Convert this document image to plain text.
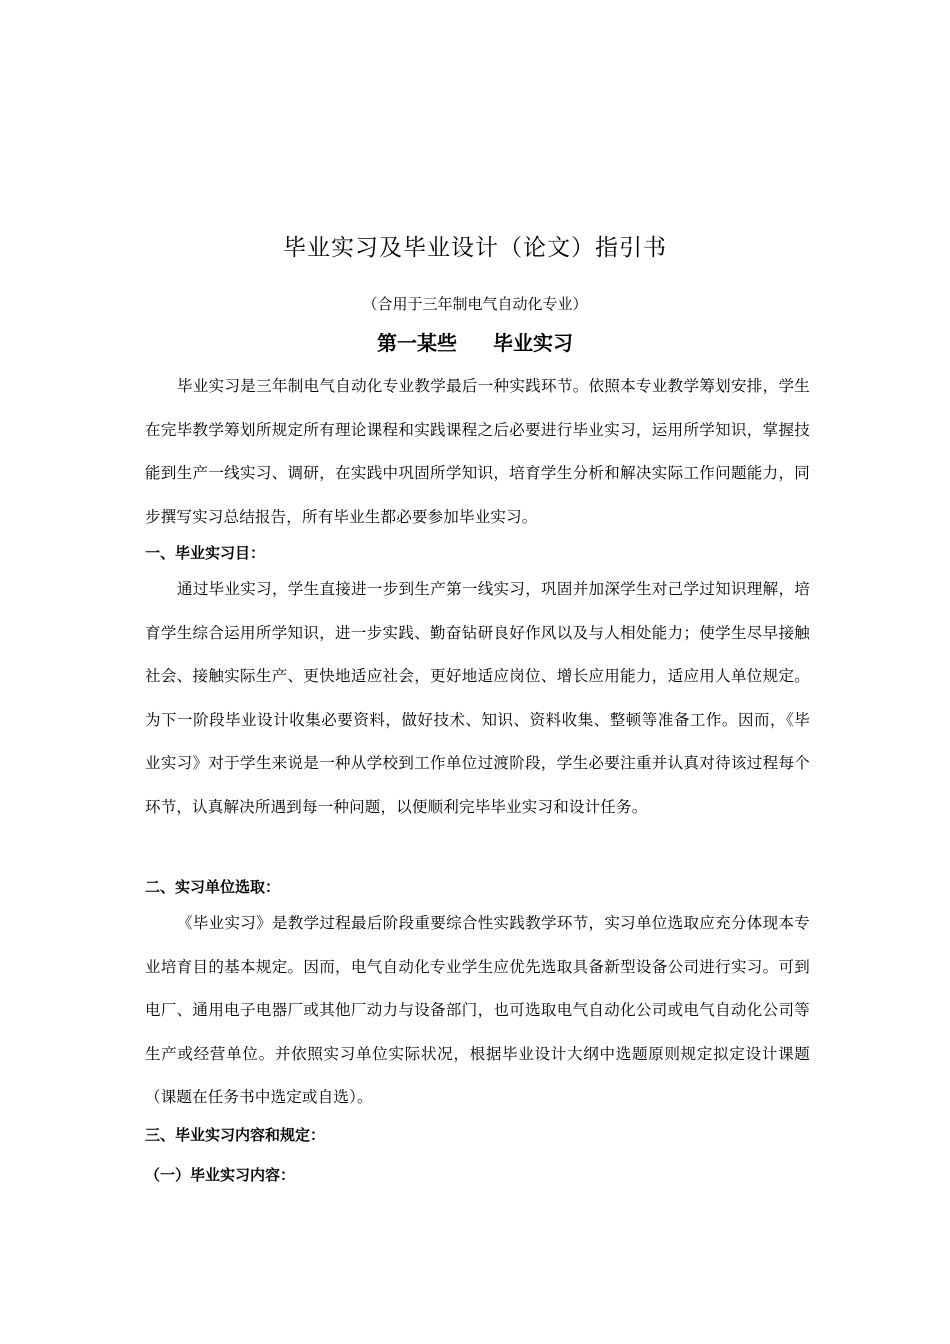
毕业实习及毕业设计（论文）指引书
（合用于三年制电气自动化专业）
第一某些 毕业实习

毕业实习是三年制电气自动化专业教学最后一种实践环节。依照本专业教学筹划安排，学生在完毕教学筹划所规定所有理论课程和实践课程之后必要进行毕业实习，运用所学知识，掌握技能到生产一线实习、调研，在实践中巩固所学知识，培育学生分析和解决实际工作问题能力，同步撰写实习总结报告，所有毕业生都必要参加毕业实习。

一、毕业实习目：

通过毕业实习，学生直接进一步到生产第一线实习，巩固并加深学生对己学过知识理解，培育学生综合运用所学知识，进一步实践、勤奋钻研良好作风以及与人相处能力；使学生尽早接触社会、接触实际生产、更快地适应社会，更好地适应岗位、增长应用能力，适应用人单位规定。为下一阶段毕业设计收集必要资料，做好技术、知识、资料收集、整顿等准备工作。因而，《毕业实习》对于学生来说是一种从学校到工作单位过渡阶段，学生必要注重并认真对待该过程每个环节，认真解决所遇到每一种问题，以便顺利完毕毕业实习和设计任务。

二、实习单位选取：

《毕业实习》是教学过程最后阶段重要综合性实践教学环节，实习单位选取应充分体现本专业培育目的基本规定。因而，电气自动化专业学生应优先选取具备新型设备公司进行实习。可到电厂、通用电子电器厂或其他厂动力与设备部门，也可选取电气自动化公司或电气自动化公司等生产或经营单位。并依照实习单位实际状况，根据毕业设计大纲中选题原则规定拟定设计课题（课题在任务书中选定或自选）。

三、毕业实习内容和规定：

（一）毕业实习内容：
